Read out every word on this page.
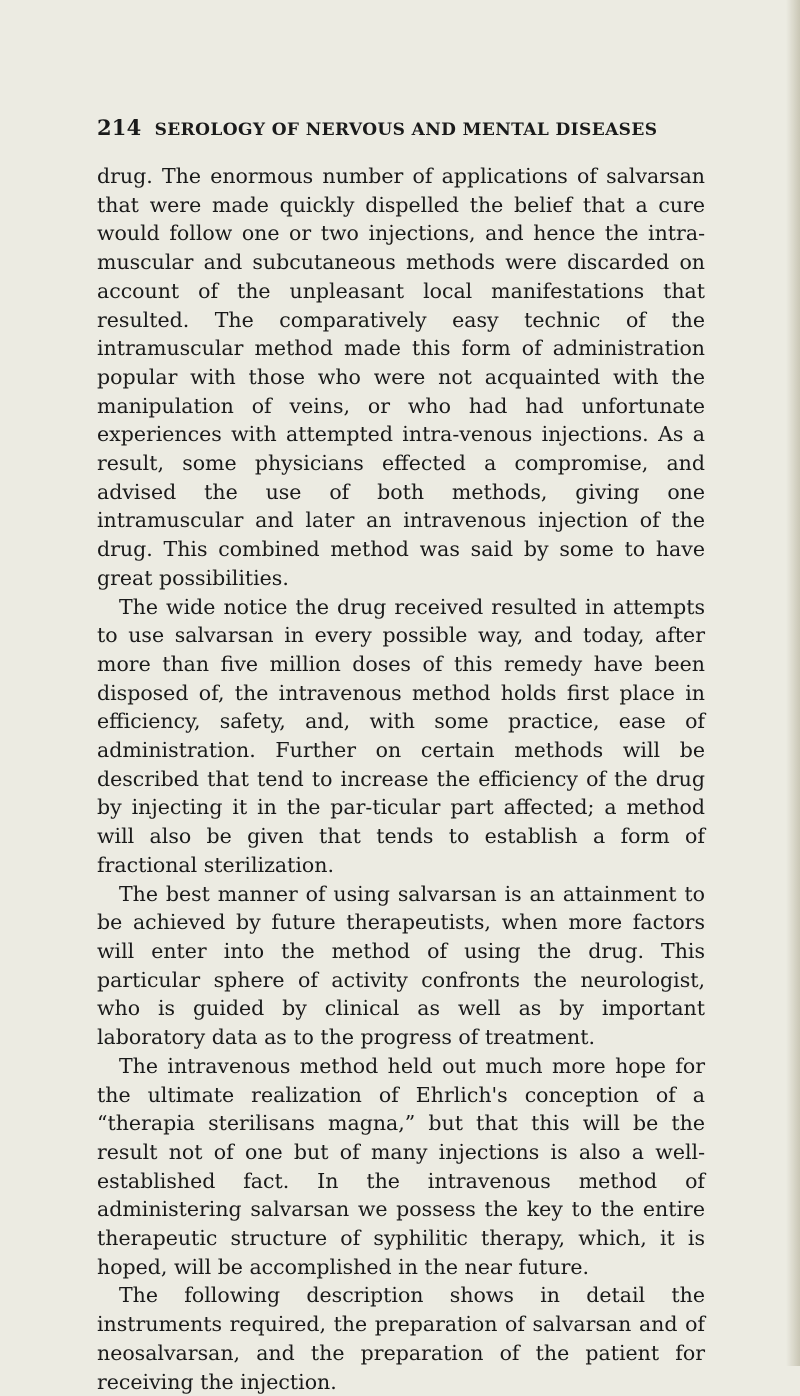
214 SEROLOGY OF NERVOUS AND MENTAL DISEASES

drug. The enormous number of applications of salvarsan that were made quickly dispelled the belief that a cure would follow one or two injections, and hence the intra-muscular and subcutaneous methods were discarded on account of the unpleasant local manifestations that resulted. The comparatively easy technic of the intramuscular method made this form of administration popular with those who were not acquainted with the manipulation of veins, or who had had unfortunate experiences with attempted intra-venous injections. As a result, some physicians effected a compromise, and advised the use of both methods, giving one intramuscular and later an intravenous injection of the drug. This combined method was said by some to have great possibilities.

The wide notice the drug received resulted in attempts to use salvarsan in every possible way, and today, after more than five million doses of this remedy have been disposed of, the intravenous method holds first place in efficiency, safety, and, with some practice, ease of administration. Further on certain methods will be described that tend to increase the efficiency of the drug by injecting it in the par-ticular part affected; a method will also be given that tends to establish a form of fractional sterilization.

The best manner of using salvarsan is an attainment to be achieved by future therapeutists, when more factors will enter into the method of using the drug. This particular sphere of activity confronts the neurologist, who is guided by clinical as well as by important laboratory data as to the progress of treatment.

The intravenous method held out much more hope for the ultimate realization of Ehrlich's conception of a “therapia sterilisans magna,” but that this will be the result not of one but of many injections is also a well-established fact. In the intravenous method of administering salvarsan we possess the key to the entire therapeutic structure of syphilitic therapy, which, it is hoped, will be accomplished in the near future.

The following description shows in detail the instruments required, the preparation of salvarsan and of neosalvarsan, and the preparation of the patient for receiving the injection.
